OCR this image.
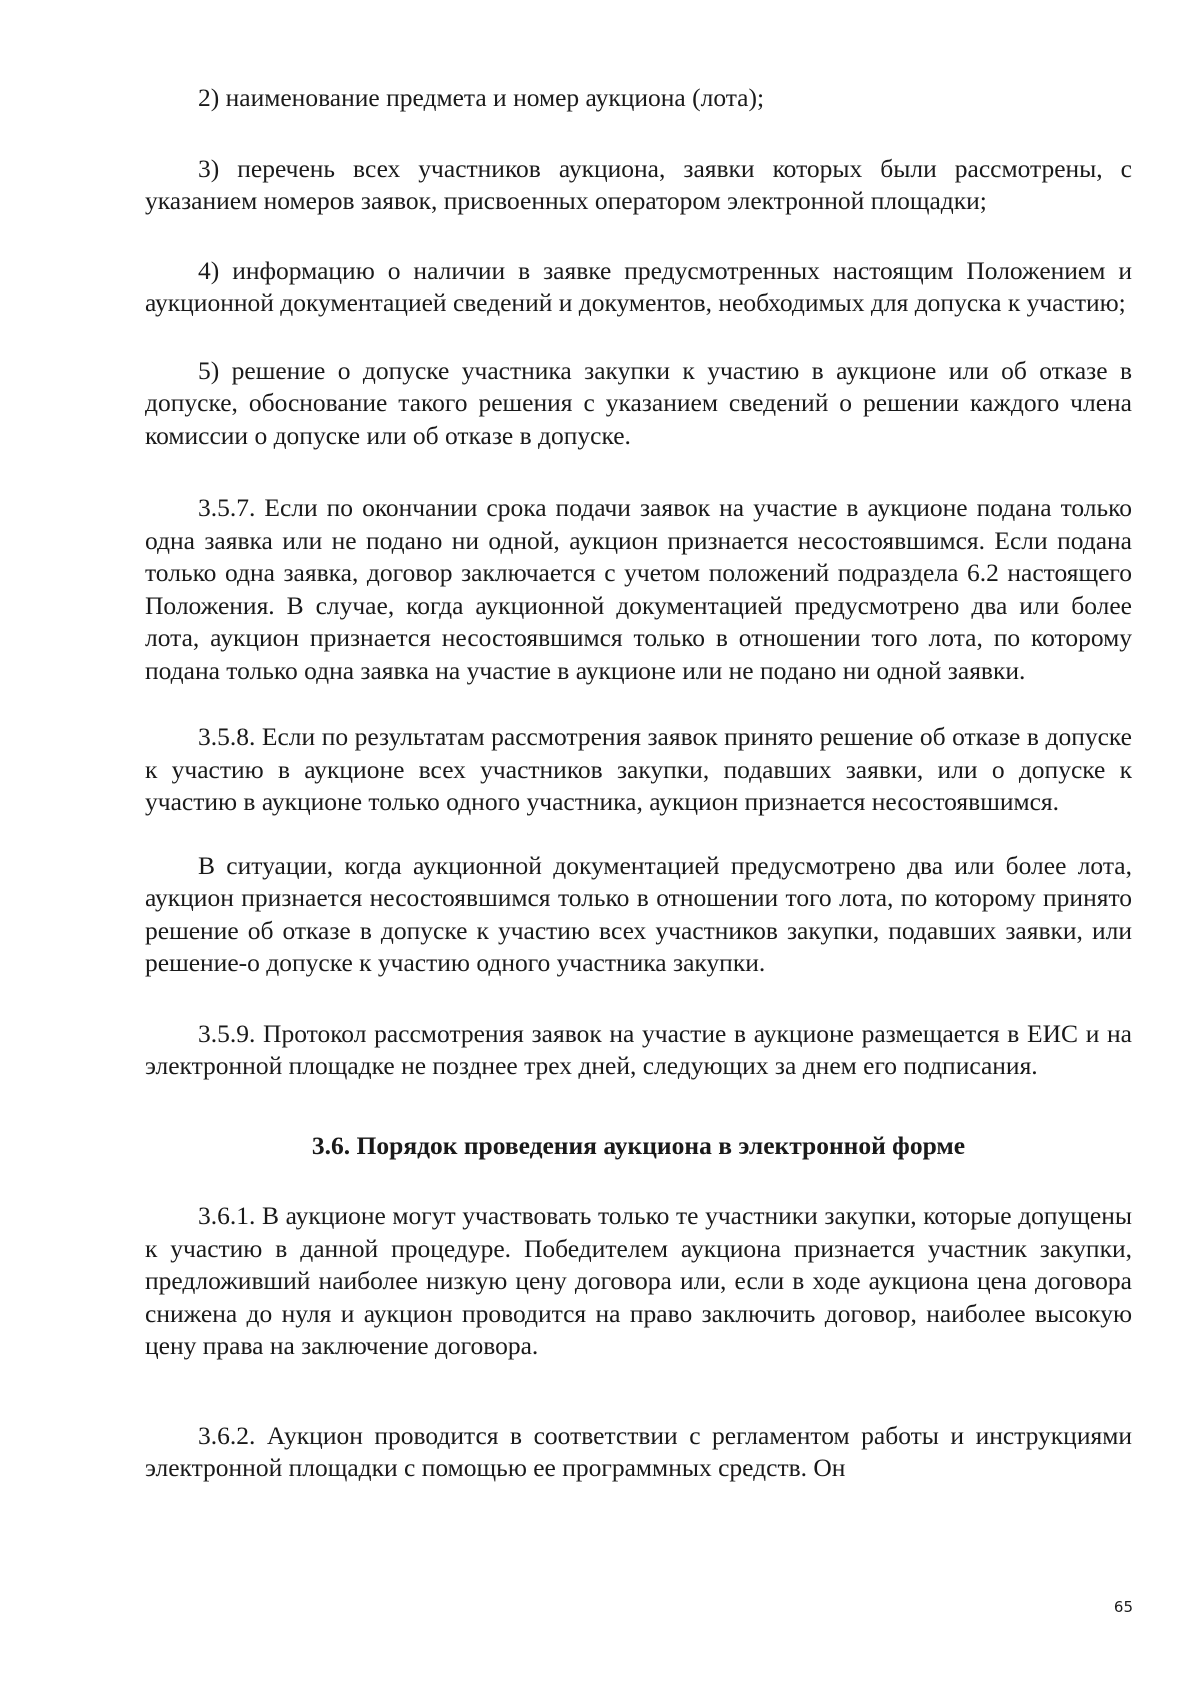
2) наименование предмета и номер аукциона (лота);

3) перечень всех участников аукциона, заявки которых были рассмотрены, с указанием номеров заявок, присвоенных оператором электронной площадки;

4) информацию о наличии в заявке предусмотренных настоящим Положением и аукционной документацией сведений и документов, необходимых для допуска к участию;

5) решение о допуске участника закупки к участию в аукционе или об отказе в допуске, обоснование такого решения с указанием сведений о решении каждого члена комиссии о допуске или об отказе в допуске.

3.5.7. Если по окончании срока подачи заявок на участие в аукционе подана только одна заявка или не подано ни одной, аукцион признается несостоявшимся. Если подана только одна заявка, договор заключается с учетом положений подраздела 6.2 настоящего Положения. В случае, когда аукционной документацией предусмотрено два или более лота, аукцион признается несостоявшимся только в отношении того лота, по которому подана только одна заявка на участие в аукционе или не подано ни одной заявки.

3.5.8. Если по результатам рассмотрения заявок принято решение об отказе в допуске к участию в аукционе всех участников закупки, подавших заявки, или о допуске к участию в аукционе только одного участника, аукцион признается несостоявшимся.

В ситуации, когда аукционной документацией предусмотрено два или более лота, аукцион признается несостоявшимся только в отношении того лота, по которому принято решение об отказе в допуске к участию всех участников закупки, подавших заявки, или решение-о допуске к участию одного участника закупки.

3.5.9. Протокол рассмотрения заявок на участие в аукционе размещается в ЕИС и на электронной площадке не позднее трех дней, следующих за днем его подписания.

3.6. Порядок проведения аукциона в электронной форме

3.6.1. В аукционе могут участвовать только те участники закупки, которые допущены к участию в данной процедуре. Победителем аукциона признается участник закупки, предложивший наиболее низкую цену договора или, если в ходе аукциона цена договора снижена до нуля и аукцион проводится на право заключить договор, наиболее высокую цену права на заключение договора.

3.6.2. Аукцион проводится в соответствии с регламентом работы и инструкциями электронной площадки с помощью ее программных средств. Он

65
